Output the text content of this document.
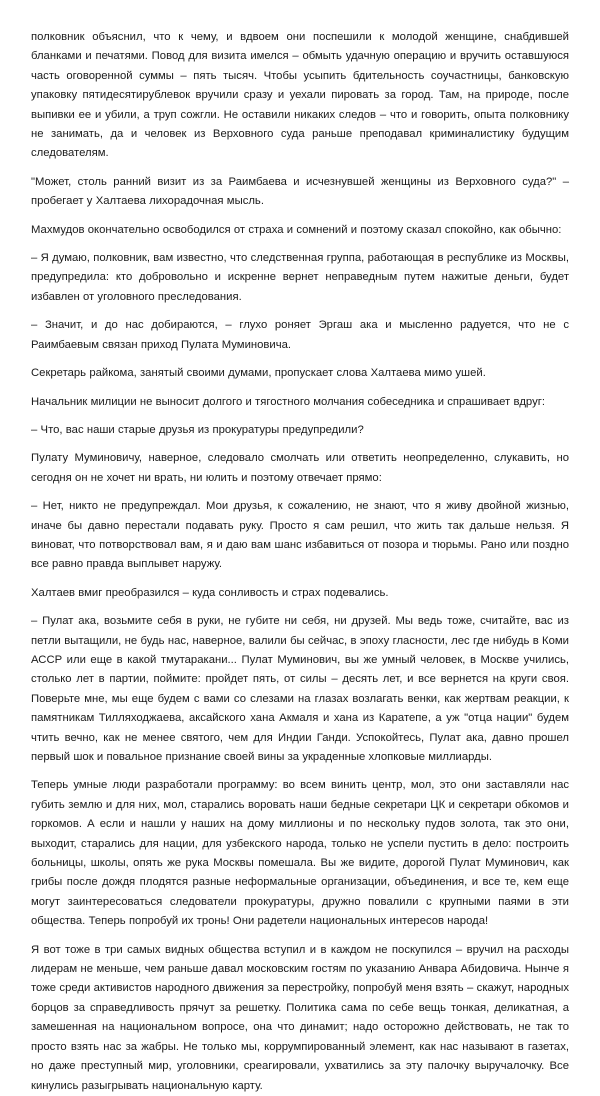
полковник объяснил, что к чему, и вдвоем они поспешили к молодой женщине, снабдившей бланками и печатями. Повод для визита имелся – обмыть удачную операцию и вручить оставшуюся часть оговоренной суммы – пять тысяч. Чтобы усыпить бдительность соучастницы, банковскую упаковку пятидесятирублевок вручили сразу и уехали пировать за город. Там, на природе, после выпивки ее и убили, а труп сожгли. Не оставили никаких следов – что и говорить, опыта полковнику не занимать, да и человек из Верховного суда раньше преподавал криминалистику будущим следователям.

"Может, столь ранний визит из за Раимбаева и исчезнувшей женщины из Верховного суда?" – пробегает у Халтаева лихорадочная мысль.

Махмудов окончательно освободился от страха и сомнений и поэтому сказал спокойно, как обычно:

– Я думаю, полковник, вам известно, что следственная группа, работающая в республике из Москвы, предупредила: кто добровольно и искренне вернет неправедным путем нажитые деньги, будет избавлен от уголовного преследования.

– Значит, и до нас добираются, – глухо роняет Эргаш ака и мысленно радуется, что не с Раимбаевым связан приход Пулата Муминовича.

Секретарь райкома, занятый своими думами, пропускает слова Халтаева мимо ушей.

Начальник милиции не выносит долгого и тягостного молчания собеседника и спрашивает вдруг:

– Что, вас наши старые друзья из прокуратуры предупредили?

Пулату Муминовичу, наверное, следовало смолчать или ответить неопределенно, слукавить, но сегодня он не хочет ни врать, ни юлить и поэтому отвечает прямо:

– Нет, никто не предупреждал. Мои друзья, к сожалению, не знают, что я живу двойной жизнью, иначе бы давно перестали подавать руку. Просто я сам решил, что жить так дальше нельзя. Я виноват, что потворствовал вам, я и даю вам шанс избавиться от позора и тюрьмы. Рано или поздно все равно правда выплывет наружу.

Халтаев вмиг преобразился – куда сонливость и страх подевались.

– Пулат ака, возьмите себя в руки, не губите ни себя, ни друзей. Мы ведь тоже, считайте, вас из петли вытащили, не будь нас, наверное, валили бы сейчас, в эпоху гласности, лес где нибудь в Коми АССР или еще в какой тмутаракани... Пулат Муминович, вы же умный человек, в Москве учились, столько лет в партии, поймите: пройдет пять, от силы – десять лет, и все вернется на круги своя. Поверьте мне, мы еще будем с вами со слезами на глазах возлагать венки, как жертвам реакции, к памятникам Тилляходжаева, аксайского хана Акмаля и хана из Каратепе, а уж "отца нации" будем чтить вечно, как не менее святого, чем для Индии Ганди. Успокойтесь, Пулат ака, давно прошел первый шок и повальное признание своей вины за украденные хлопковые миллиарды.

Теперь умные люди разработали программу: во всем винить центр, мол, это они заставляли нас губить землю и для них, мол, старались воровать наши бедные секретари ЦК и секретари обкомов и горкомов. А если и нашли у наших на дому миллионы и по нескольку пудов золота, так это они, выходит, старались для нации, для узбекского народа, только не успели пустить в дело: построить больницы, школы, опять же рука Москвы помешала. Вы же видите, дорогой Пулат Муминович, как грибы после дождя плодятся разные неформальные организации, объединения, и все те, кем еще могут заинтересоваться следователи прокуратуры, дружно повалили с крупными паями в эти общества. Теперь попробуй их тронь! Они радетели национальных интересов народа!

Я вот тоже в три самых видных общества вступил и в каждом не поскупился – вручил на расходы лидерам не меньше, чем раньше давал московским гостям по указанию Анвара Абидовича. Нынче я тоже среди активистов народного движения за перестройку, попробуй меня взять – скажут, народных борцов за справедливость прячут за решетку. Политика сама по себе вещь тонкая, деликатная, а замешенная на национальном вопросе, она что динамит; надо осторожно действовать, не так то просто взять нас за жабры. Не только мы, коррумпированный элемент, как нас называют в газетах, но даже преступный мир, уголовники, среагировали, ухватились за эту палочку выручалочку. Все кинулись разыгрывать национальную карту.
